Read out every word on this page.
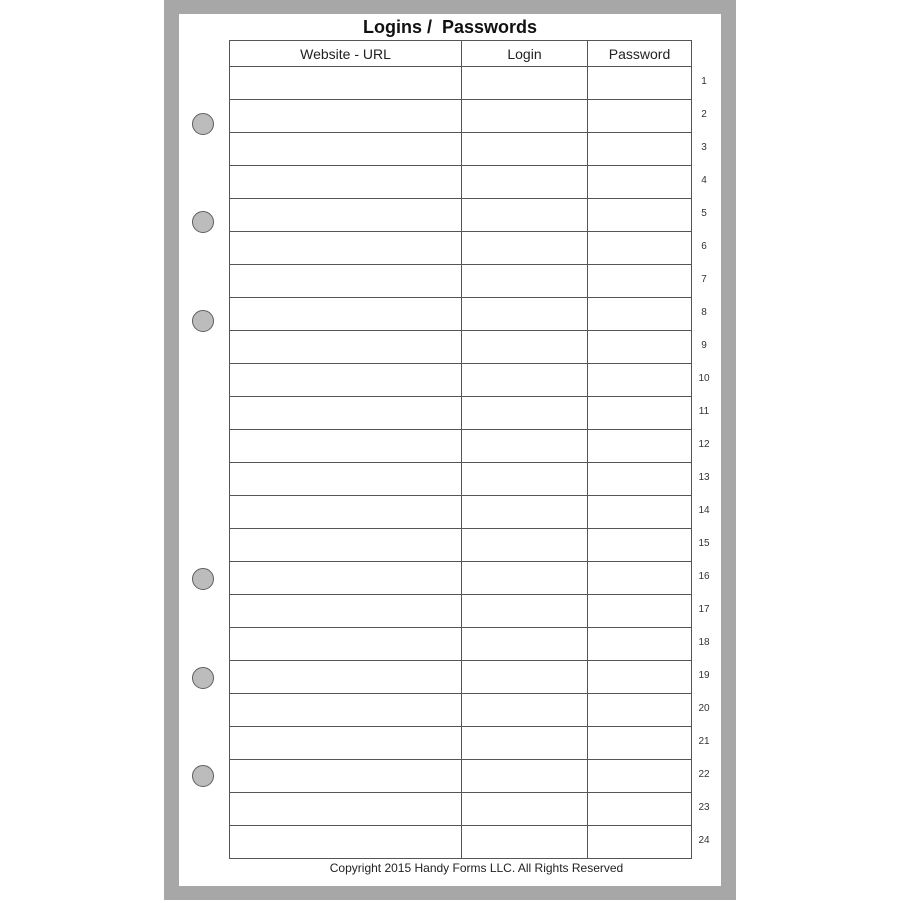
Logins /  Passwords
Website - URL	Login	Password

1
2
3
4
5
6
7
8
9
10
11
12
13
14
15
16
17
18
19
20
21
22
23
24
Copyright 2015 Handy Forms LLC. All Rights Reserved
